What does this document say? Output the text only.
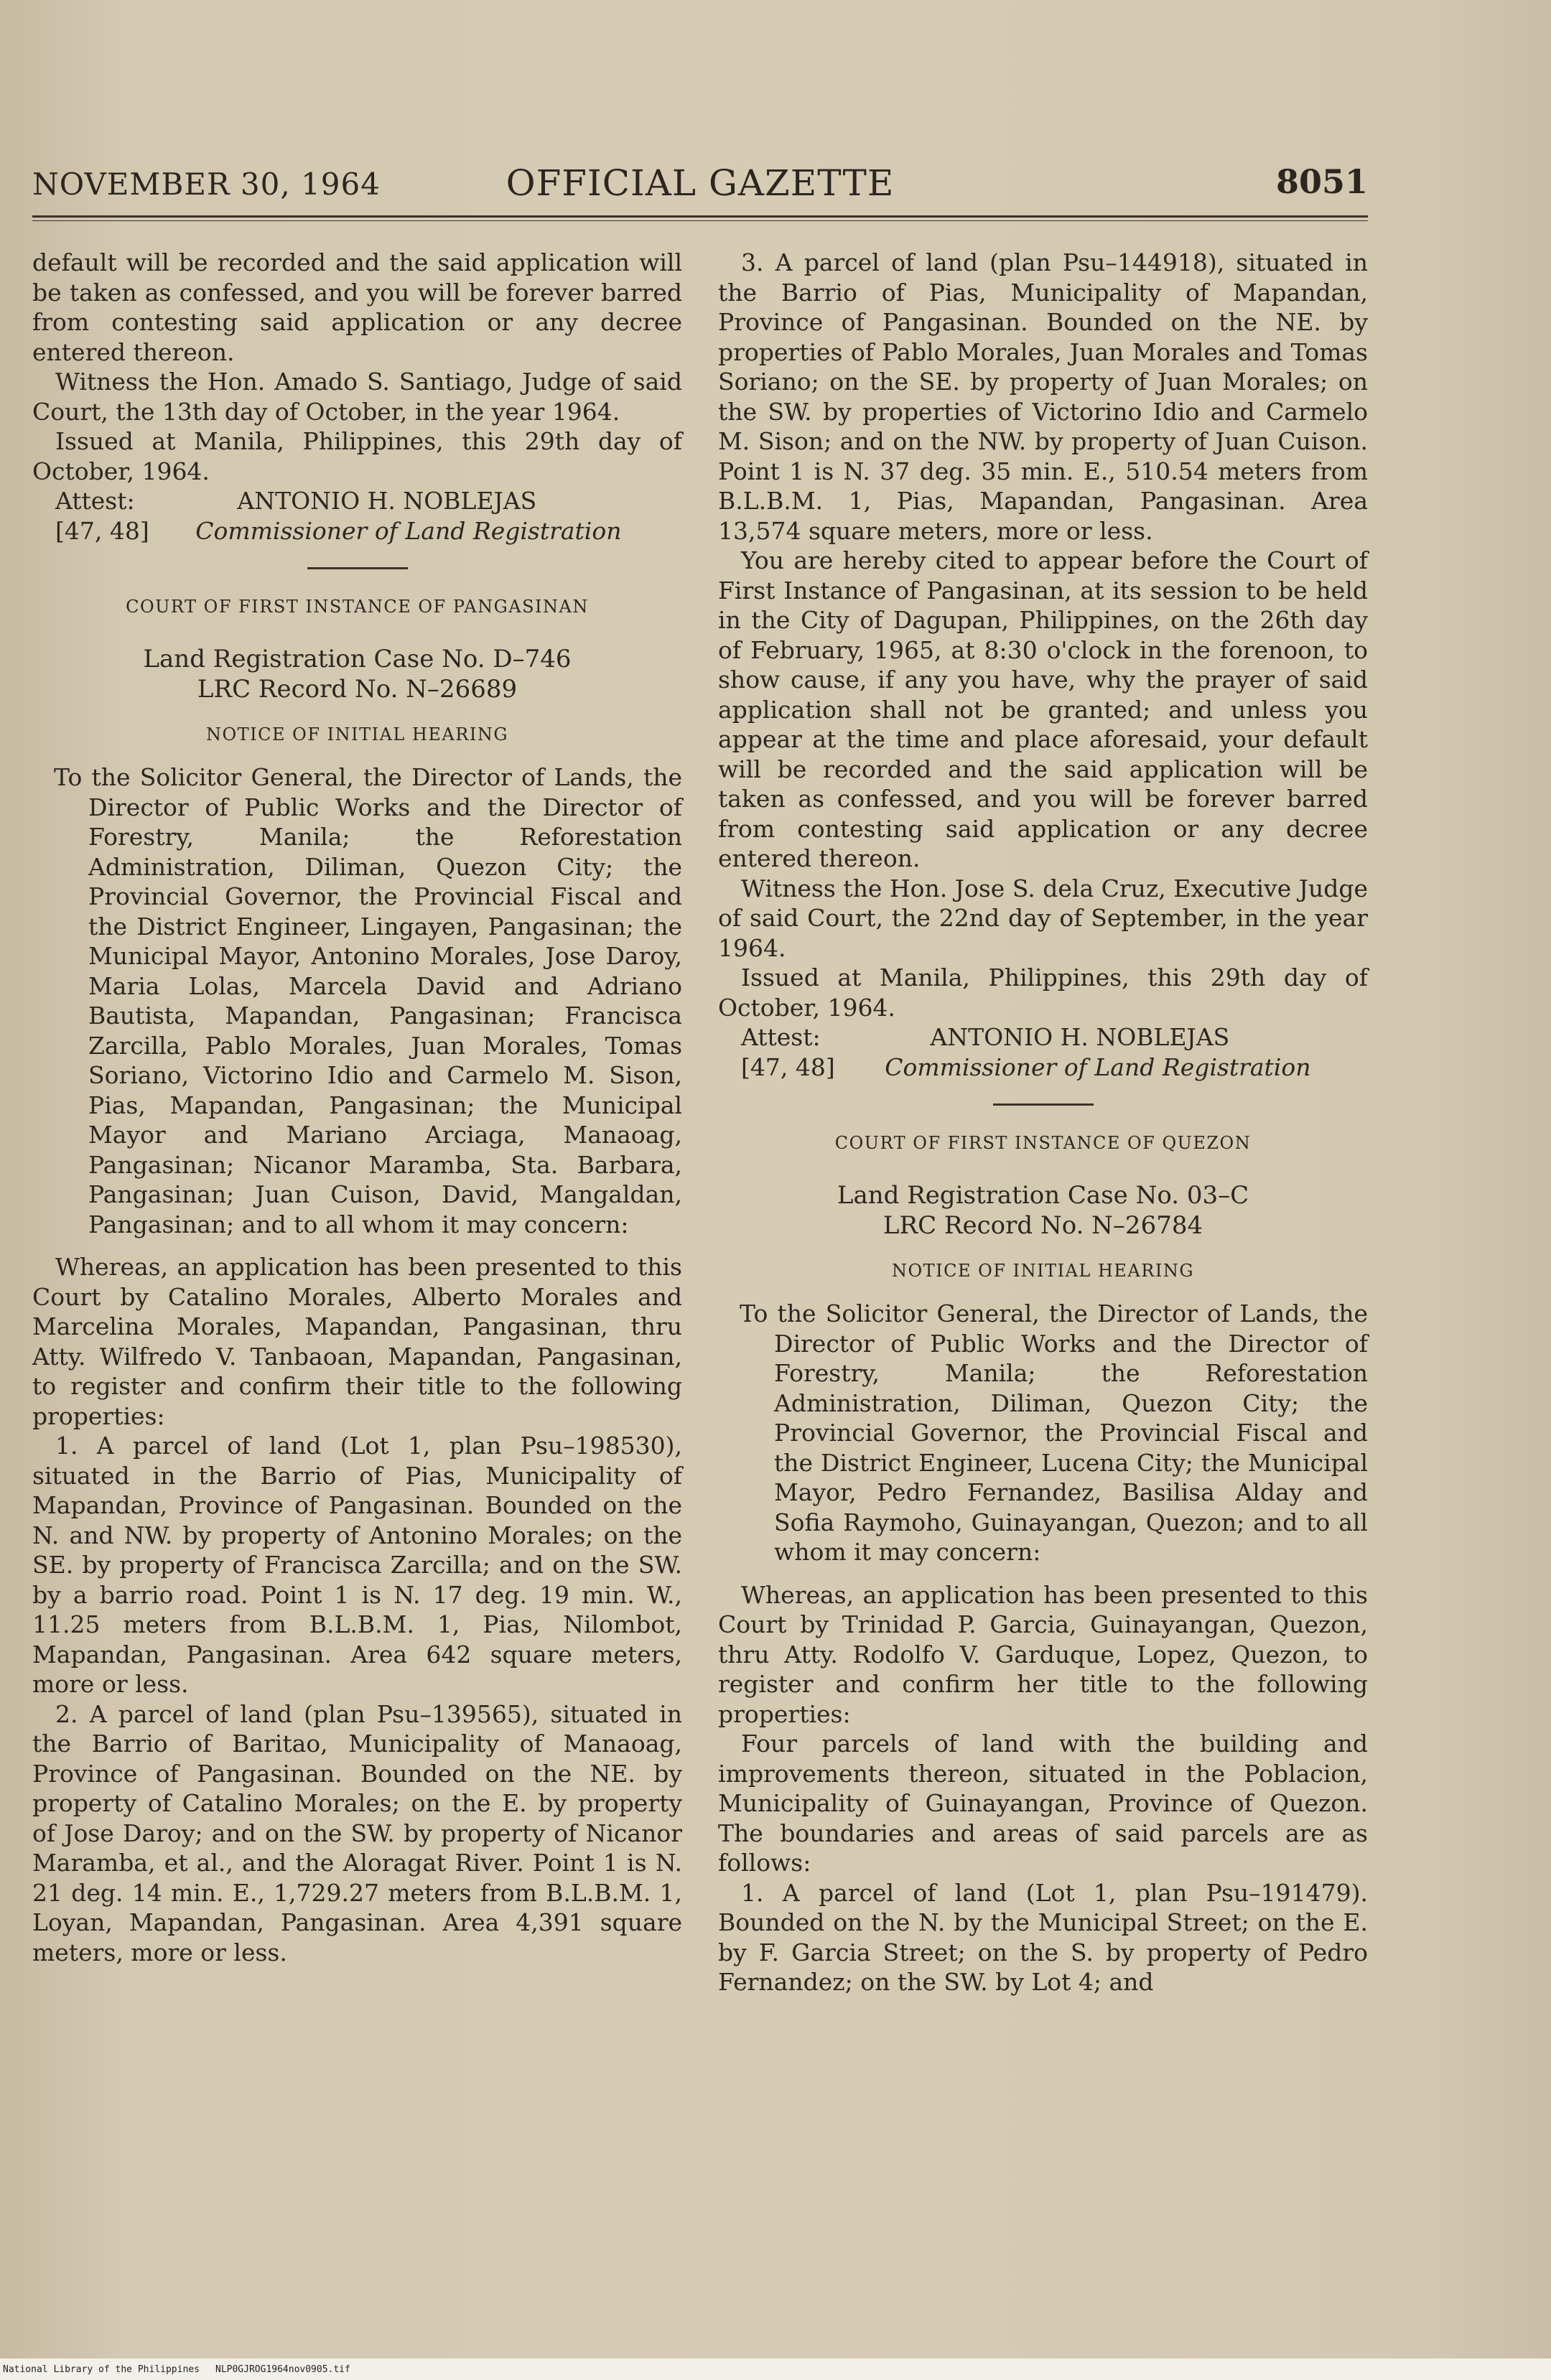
NOVEMBER 30, 1964	OFFICIAL GAZETTE	8051

default will be recorded and the said application will be taken as confessed, and you will be forever barred from contesting said application or any decree entered thereon.

Witness the Hon. Amado S. Santiago, Judge of said Court, the 13th day of October, in the year 1964.

Issued at Manila, Philippines, this 29th day of October, 1964.

Attest:	ANTONIO H. NOBLEJAS
[47, 48] Commissioner of Land Registration
COURT OF FIRST INSTANCE OF PANGASINAN
Land Registration Case No. D–746
LRC Record No. N–26689
NOTICE OF INITIAL HEARING

To the Solicitor General, the Director of Lands, the Director of Public Works and the Director of Forestry, Manila; the Reforestation Administration, Diliman, Quezon City; the Provincial Governor, the Provincial Fiscal and the District Engineer, Lingayen, Pangasinan; the Municipal Mayor, Antonino Morales, Jose Daroy, Maria Lolas, Marcela David and Adriano Bautista, Mapandan, Pangasinan; Francisca Zarcilla, Pablo Morales, Juan Morales, Tomas Soriano, Victorino Idio and Carmelo M. Sison, Pias, Mapandan, Pangasinan; the Municipal Mayor and Mariano Arciaga, Manaoag, Pangasinan; Nicanor Maramba, Sta. Barbara, Pangasinan; Juan Cuison, David, Mangaldan, Pangasinan; and to all whom it may concern:

Whereas, an application has been presented to this Court by Catalino Morales, Alberto Morales and Marcelina Morales, Mapandan, Pangasinan, thru Atty. Wilfredo V. Tanbaoan, Mapandan, Pangasinan, to register and confirm their title to the following properties:

1. A parcel of land (Lot 1, plan Psu–198530), situated in the Barrio of Pias, Municipality of Mapandan, Province of Pangasinan. Bounded on the N. and NW. by property of Antonino Morales; on the SE. by property of Francisca Zarcilla; and on the SW. by a barrio road. Point 1 is N. 17 deg. 19 min. W., 11.25 meters from B.L.B.M. 1, Pias, Nilombot, Mapandan, Pangasinan. Area 642 square meters, more or less.

2. A parcel of land (plan Psu–139565), situated in the Barrio of Baritao, Municipality of Manaoag, Province of Pangasinan. Bounded on the NE. by property of Catalino Morales; on the E. by property of Jose Daroy; and on the SW. by property of Nicanor Maramba, et al., and the Aloragat River. Point 1 is N. 21 deg. 14 min. E., 1,729.27 meters from B.L.B.M. 1, Loyan, Mapandan, Pangasinan. Area 4,391 square meters, more or less.

3. A parcel of land (plan Psu–144918), situated in the Barrio of Pias, Municipality of Mapandan, Province of Pangasinan. Bounded on the NE. by properties of Pablo Morales, Juan Morales and Tomas Soriano; on the SE. by property of Juan Morales; on the SW. by properties of Victorino Idio and Carmelo M. Sison; and on the NW. by property of Juan Cuison. Point 1 is N. 37 deg. 35 min. E., 510.54 meters from B.L.B.M. 1, Pias, Mapandan, Pangasinan. Area 13,574 square meters, more or less.

You are hereby cited to appear before the Court of First Instance of Pangasinan, at its session to be held in the City of Dagupan, Philippines, on the 26th day of February, 1965, at 8:30 o'clock in the forenoon, to show cause, if any you have, why the prayer of said application shall not be granted; and unless you appear at the time and place aforesaid, your default will be recorded and the said application will be taken as confessed, and you will be forever barred from contesting said application or any decree entered thereon.

Witness the Hon. Jose S. dela Cruz, Executive Judge of said Court, the 22nd day of September, in the year 1964.

Issued at Manila, Philippines, this 29th day of October, 1964.

Attest:	ANTONIO H. NOBLEJAS
[47, 48] Commissioner of Land Registration
COURT OF FIRST INSTANCE OF QUEZON
Land Registration Case No. 03–C
LRC Record No. N–26784
NOTICE OF INITIAL HEARING

To the Solicitor General, the Director of Lands, the Director of Public Works and the Director of Forestry, Manila; the Reforestation Administration, Diliman, Quezon City; the Provincial Governor, the Provincial Fiscal and the District Engineer, Lucena City; the Municipal Mayor, Pedro Fernandez, Basilisa Alday and Sofia Raymoho, Guinayangan, Quezon; and to all whom it may concern:

Whereas, an application has been presented to this Court by Trinidad P. Garcia, Guinayangan, Quezon, thru Atty. Rodolfo V. Garduque, Lopez, Quezon, to register and confirm her title to the following properties:

Four parcels of land with the building and improvements thereon, situated in the Poblacion, Municipality of Guinayangan, Province of Quezon. The boundaries and areas of said parcels are as follows:

1. A parcel of land (Lot 1, plan Psu–191479). Bounded on the N. by the Municipal Street; on the E. by F. Garcia Street; on the S. by property of Pedro Fernandez; on the SW. by Lot 4; and

National Library of the Philippines NLP0GJROG1964nov0905.tif
